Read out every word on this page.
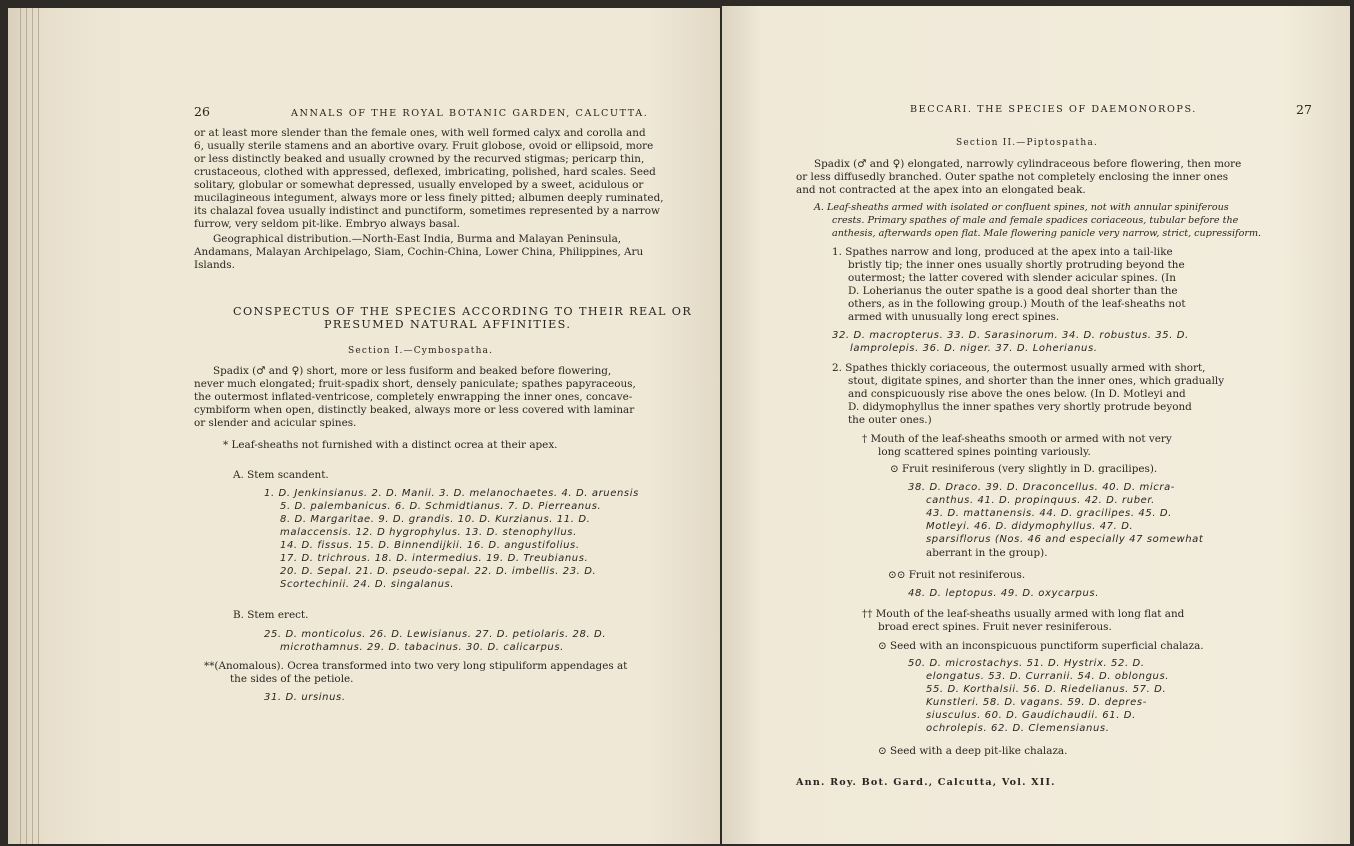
26	ANNALS OF THE ROYAL BOTANIC GARDEN, CALCUTTA.
or at least more slender than the female ones, with well formed calyx and corolla and
6, usually sterile stamens and an abortive ovary. Fruit globose, ovoid or ellipsoid, more
or less distinctly beaked and usually crowned by the recurved stigmas; pericarp thin,
crustaceous, clothed with appressed, deflexed, imbricating, polished, hard scales. Seed
solitary, globular or somewhat depressed, usually enveloped by a sweet, acidulous or
mucilagineous integument, always more or less finely pitted; albumen deeply ruminated,
its chalazal fovea usually indistinct and punctiform, sometimes represented by a narrow
furrow, very seldom pit-like. Embryo always basal.
Geographical distribution.—North-East India, Burma and Malayan Peninsula,
Andamans, Malayan Archipelago, Siam, Cochin-China, Lower China, Philippines, Aru
Islands.
CONSPECTUS OF THE SPECIES ACCORDING TO THEIR REAL OR
PRESUMED NATURAL AFFINITIES.
Section I.—Cymbospatha.
Spadix (♂ and ♀) short, more or less fusiform and beaked before flowering,
never much elongated; fruit-spadix short, densely paniculate; spathes papyraceous,
the outermost inflated-ventricose, completely enwrapping the inner ones, concave-
cymbiform when open, distinctly beaked, always more or less covered with laminar
or slender and acicular spines.
* Leaf-sheaths not furnished with a distinct ocrea at their apex.
A. Stem scandent.
1. D. Jenkinsianus. 2. D. Manii. 3. D. melanochaetes. 4. D. aruensis
5. D. palembanicus. 6. D. Schmidtianus. 7. D. Pierreanus.
8. D. Margaritae. 9. D. grandis. 10. D. Kurzianus. 11. D.
malaccensis. 12. D hygrophylus. 13. D. stenophyllus.
14. D. fissus. 15. D. Binnendijkii. 16. D. angustifolius.
17. D. trichrous. 18. D. intermedius. 19. D. Treubianus.
20. D. Sepal. 21. D. pseudo-sepal. 22. D. imbellis. 23. D.
Scortechinii. 24. D. singalanus.
B. Stem erect.
25. D. monticolus. 26. D. Lewisianus. 27. D. petiolaris. 28. D.
microthamnus. 29. D. tabacinus. 30. D. calicarpus.
**(Anomalous). Ocrea transformed into two very long stipuliform appendages at
the sides of the petiole.
31. D. ursinus.
BECCARI. THE SPECIES OF DAEMONOROPS.	27
Section II.—Piptospatha.
Spadix (♂ and ♀) elongated, narrowly cylindraceous before flowering, then more
or less diffusedly branched. Outer spathe not completely enclosing the inner ones
and not contracted at the apex into an elongated beak.
A. Leaf-sheaths armed with isolated or confluent spines, not with annular spiniferous
crests. Primary spathes of male and female spadices coriaceous, tubular before the
anthesis, afterwards open flat. Male flowering panicle very narrow, strict, cupressiform.
1. Spathes narrow and long, produced at the apex into a tail-like
bristly tip; the inner ones usually shortly protruding beyond the
outermost; the latter covered with slender acicular spines. (In
D. Loherianus the outer spathe is a good deal shorter than the
others, as in the following group.) Mouth of the leaf-sheaths not
armed with unusually long erect spines.
32. D. macropterus. 33. D. Sarasinorum. 34. D. robustus. 35. D.
lamprolepis. 36. D. niger. 37. D. Loherianus.
2. Spathes thickly coriaceous, the outermost usually armed with short,
stout, digitate spines, and shorter than the inner ones, which gradually
and conspicuously rise above the ones below. (In D. Motleyi and
D. didymophyllus the inner spathes very shortly protrude beyond
the outer ones.)
† Mouth of the leaf-sheaths smooth or armed with not very
long scattered spines pointing variously.
⊙ Fruit resiniferous (very slightly in D. gracilipes).
38. D. Draco. 39. D. Draconcellus. 40. D. micra-
canthus. 41. D. propinquus. 42. D. ruber.
43. D. mattanensis. 44. D. gracilipes. 45. D.
Motleyi. 46. D. didymophyllus. 47. D.
sparsiflorus (Nos. 46 and especially 47 somewhat
aberrant in the group).
⊙⊙ Fruit not resiniferous.
48. D. leptopus. 49. D. oxycarpus.
†† Mouth of the leaf-sheaths usually armed with long flat and
broad erect spines. Fruit never resiniferous.
⊙ Seed with an inconspicuous punctiform superficial chalaza.
50. D. microstachys. 51. D. Hystrix. 52. D.
elongatus. 53. D. Curranii. 54. D. oblongus.
55. D. Korthalsii. 56. D. Riedelianus. 57. D.
Kunstleri. 58. D. vagans. 59. D. depres-
siusculus. 60. D. Gaudichaudii. 61. D.
ochrolepis. 62. D. Clemensianus.
⊙ Seed with a deep pit-like chalaza.
Ann. Roy. Bot. Gard., Calcutta, Vol. XII.
